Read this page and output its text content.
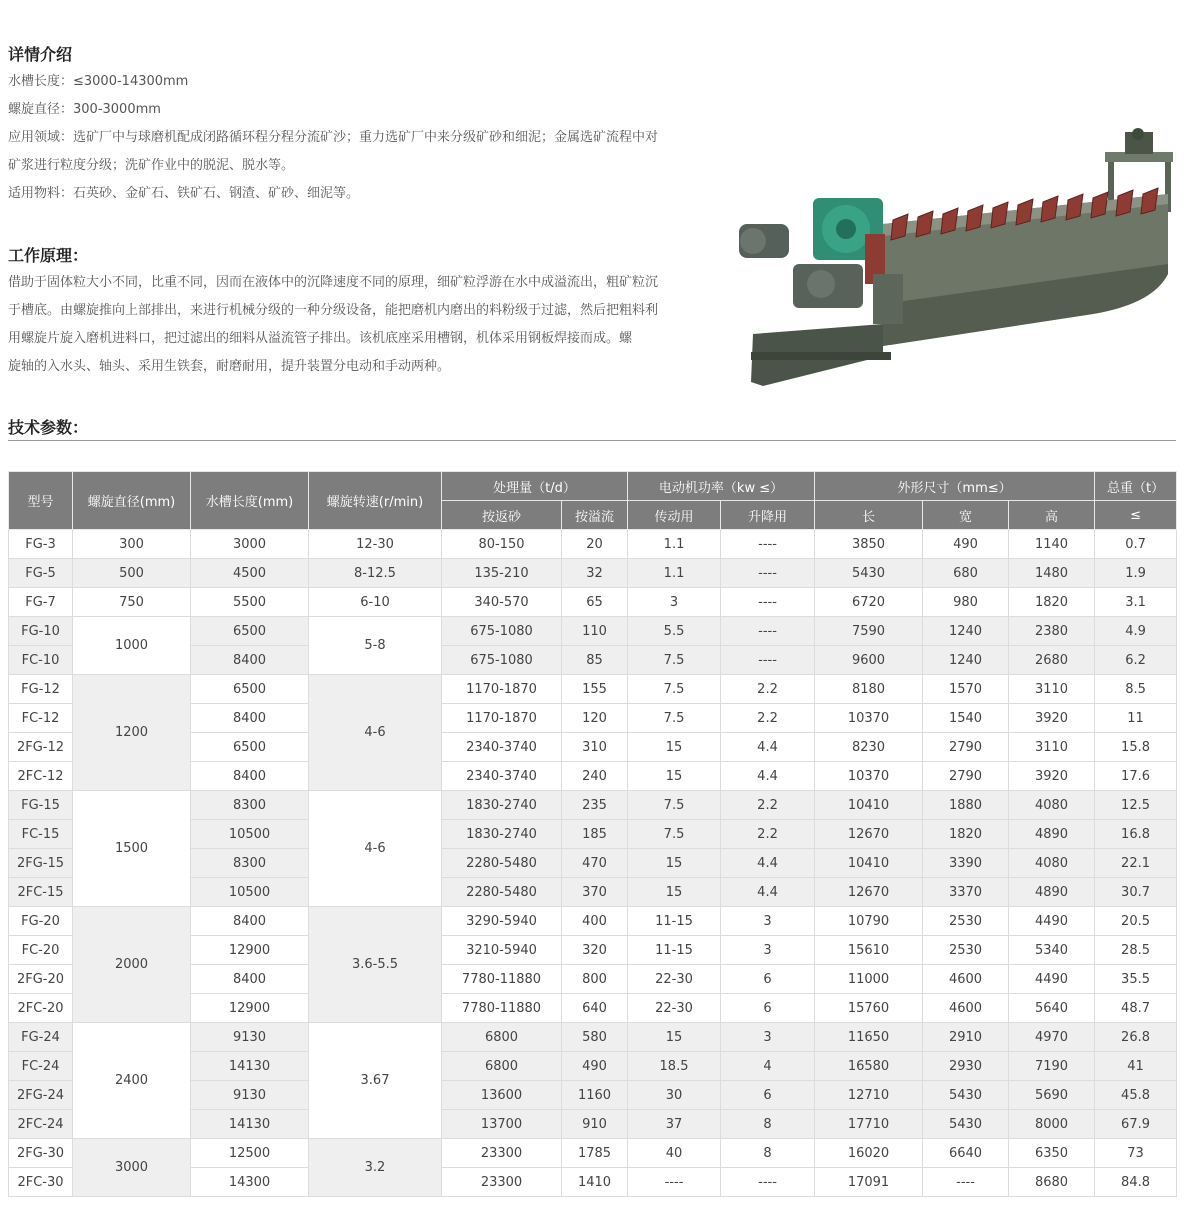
详情介绍
水槽长度：≤3000-14300mm
螺旋直径：300-3000mm
应用领域：选矿厂中与球磨机配成闭路循环程分程分流矿沙；重力选矿厂中来分级矿砂和细泥；金属选矿流程中对
矿浆进行粒度分级；洗矿作业中的脱泥、脱水等。
适用物料：石英砂、金矿石、铁矿石、钢渣、矿砂、细泥等。
工作原理：
借助于固体粒大小不同，比重不同，因而在液体中的沉降速度不同的原理，细矿粒浮游在水中成溢流出，粗矿粒沉
于槽底。由螺旋推向上部排出，来进行机械分级的一种分级设备，能把磨机内磨出的料粉级于过滤，然后把粗料利
用螺旋片旋入磨机进料口，把过滤出的细料从溢流管子排出。该机底座采用槽钢，机体采用钢板焊接而成。螺
旋轴的入水头、轴头、采用生铁套，耐磨耐用，提升装置分电动和手动两种。
技术参数：
型号	螺旋直径(mm)	水槽长度(mm)	螺旋转速(r/min)	处理量（t/d）		电动机功率（kw ≤）		外形尺寸（mm≤）			总重（t）
				按返砂	按溢流	传动用	升降用	长	宽	高	≤
FG-3	300	3000	12-30	80-150	20	1.1	----	3850	490	1140	0.7
FG-5	500	4500	8-12.5	135-210	32	1.1	----	5430	680	1480	1.9
FG-7	750	5500	6-10	340-570	65	3	----	6720	980	1820	3.1
FG-10	1000	6500	5-8	675-1080	110	5.5	----	7590	1240	2380	4.9
FC-10		8400		675-1080	85	7.5	----	9600	1240	2680	6.2
FG-12	1200	6500	4-6	1170-1870	155	7.5	2.2	8180	1570	3110	8.5
FC-12		8400		1170-1870	120	7.5	2.2	10370	1540	3920	11
2FG-12		6500		2340-3740	310	15	4.4	8230	2790	3110	15.8
2FC-12		8400		2340-3740	240	15	4.4	10370	2790	3920	17.6
FG-15	1500	8300	4-6	1830-2740	235	7.5	2.2	10410	1880	4080	12.5
FC-15		10500		1830-2740	185	7.5	2.2	12670	1820	4890	16.8
2FG-15		8300		2280-5480	470	15	4.4	10410	3390	4080	22.1
2FC-15		10500		2280-5480	370	15	4.4	12670	3370	4890	30.7
FG-20	2000	8400	3.6-5.5	3290-5940	400	11-15	3	10790	2530	4490	20.5
FC-20		12900		3210-5940	320	11-15	3	15610	2530	5340	28.5
2FG-20		8400		7780-11880	800	22-30	6	11000	4600	4490	35.5
2FC-20		12900		7780-11880	640	22-30	6	15760	4600	5640	48.7
FG-24	2400	9130	3.67	6800	580	15	3	11650	2910	4970	26.8
FC-24		14130		6800	490	18.5	4	16580	2930	7190	41
2FG-24		9130		13600	1160	30	6	12710	5430	5690	45.8
2FC-24		14130		13700	910	37	8	17710	5430	8000	67.9
2FG-30	3000	12500	3.2	23300	1785	40	8	16020	6640	6350	73
2FC-30		14300		23300	1410	----	----	17091	----	8680	84.8
